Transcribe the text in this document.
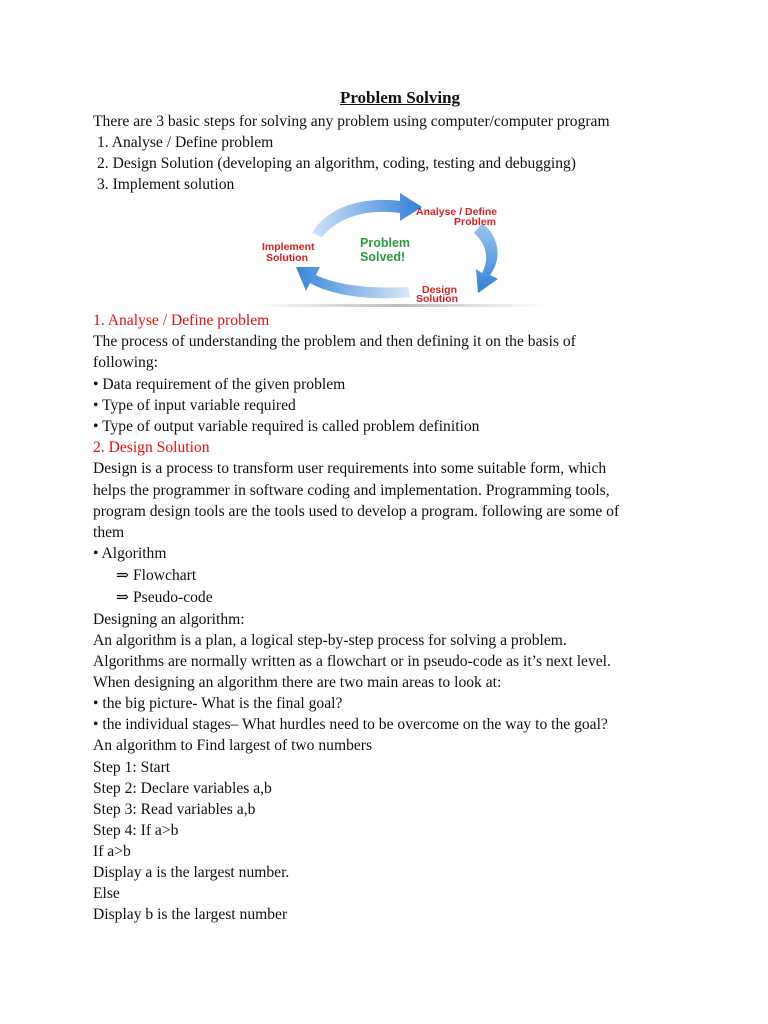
Problem Solving
There are 3 basic steps for solving any problem using computer/computer program
1. Analyse / Define problem
2. Design Solution (developing an algorithm, coding, testing and debugging)
3. Implement solution
Analyse / Define
Problem
Implement
Solution
Problem
Solved!
Design
Solution
1. Analyse / Define problem
The process of understanding the problem and then defining it on the basis of
following:
• Data requirement of the given problem
• Type of input variable required
• Type of output variable required is called problem definition
2. Design Solution
Design is a process to transform user requirements into some suitable form, which
helps the programmer in software coding and implementation. Programming tools,
program design tools are the tools used to develop a program. following are some of
them
• Algorithm
⇒ Flowchart
⇒ Pseudo-code
Designing an algorithm:
An algorithm is a plan, a logical step-by-step process for solving a problem.
Algorithms are normally written as a flowchart or in pseudo-code as it’s next level.
When designing an algorithm there are two main areas to look at:
• the big picture- What is the final goal?
• the individual stages– What hurdles need to be overcome on the way to the goal?
An algorithm to Find largest of two numbers
Step 1: Start
Step 2: Declare variables a,b
Step 3: Read variables a,b
Step 4: If a>b
If a>b
Display a is the largest number.
Else
Display b is the largest number
